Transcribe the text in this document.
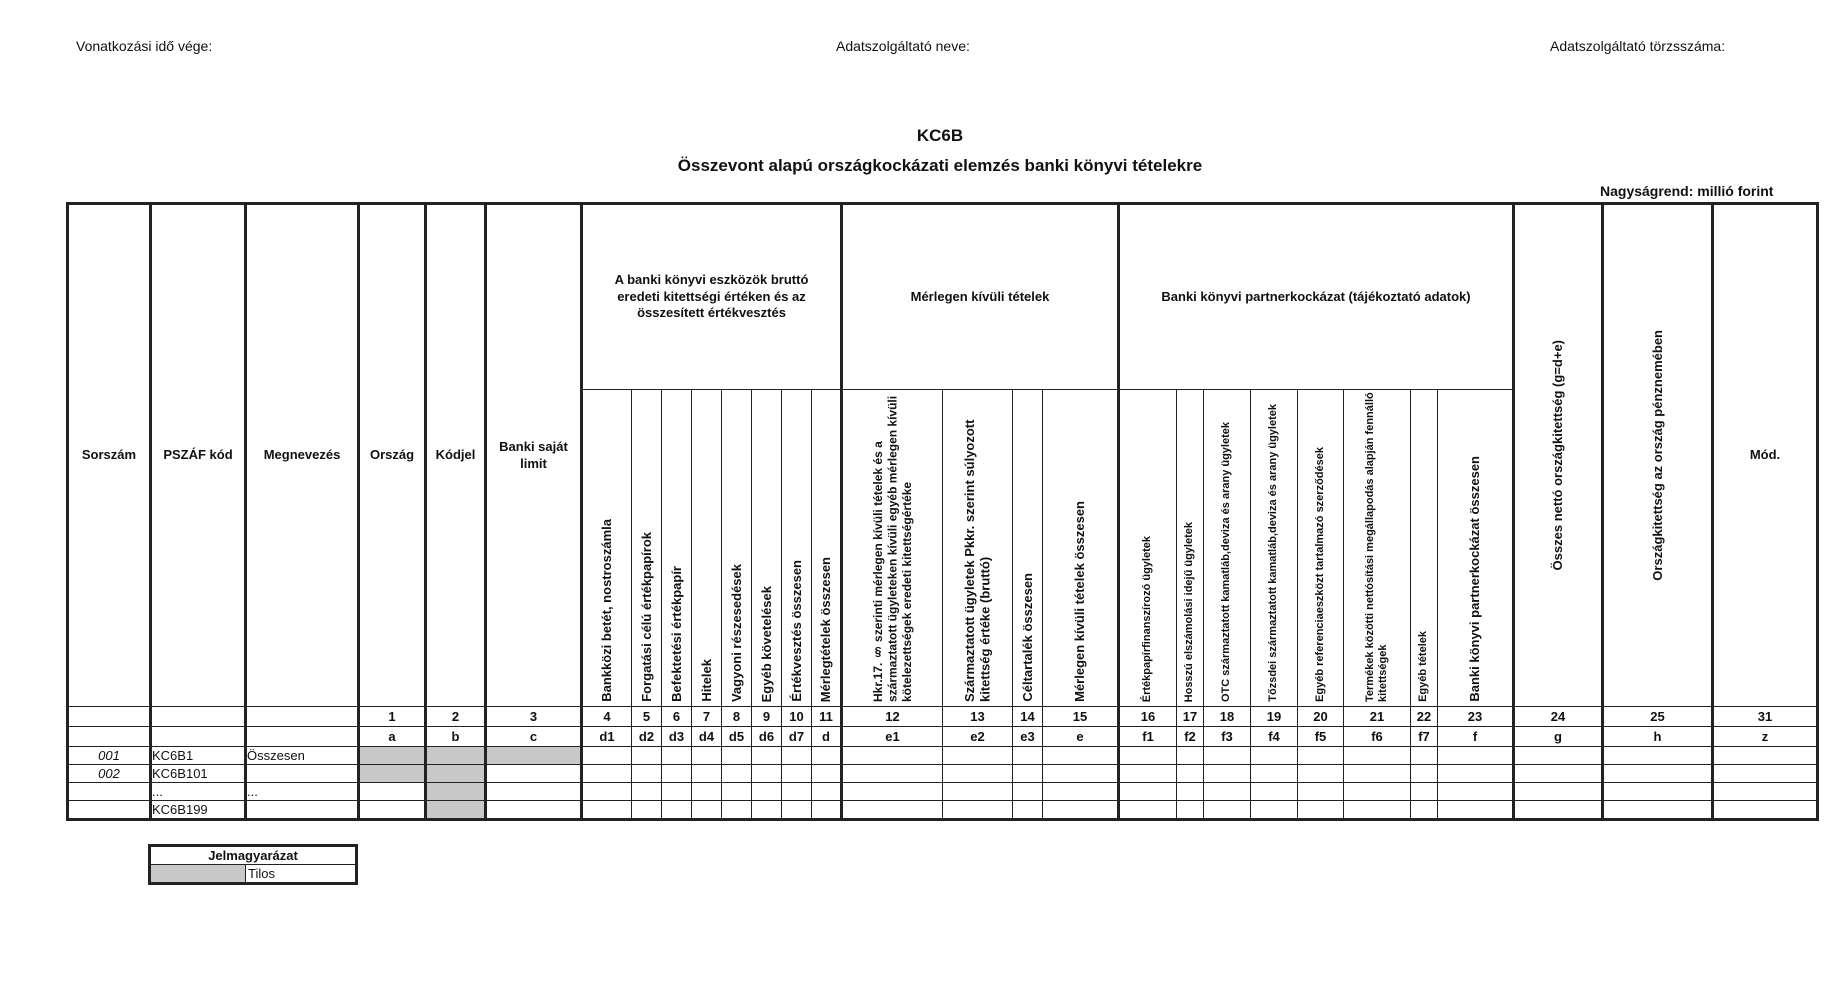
Vonatkozási idő vége:	Adatszolgáltató neve:	Adatszolgáltató törzsszáma:
KC6B
Összevont alapú országkockázati elemzés banki könyvi tételekre
Nagyságrend: millió forint
Sorszám	PSZÁF kód	Megnevezés	Ország	Kódjel	Banki saját limit	A banki könyvi eszközök bruttó eredeti kitettségi értéken és az összesített értékvesztés								Mérlegen kívüli tételek				Banki könyvi partnerkockázat (tájékoztató adatok)								Összes nettó országkitettség (g=d+e)	Országkitettség az ország pénznemében	Mód.

						Bankközi betét, nostroszámla	Forgatási célú értékpapírok	Befektetési értékpapír	Hitelek	Vagyoni részesedések	Egyéb követelések	Értékvesztés összesen	Mérlegtételek összesen	Hkr.17. § szerinti mérlegen kívüli tételek és a származtatott ügyleteken kívüli egyéb mérlegen kívüli kötelezettségek eredeti kitettségértéke	Származtatott ügyletek Pkkr. szerint súlyozott kitettség értéke (bruttó)	Céltartalék összesen	Mérlegen kívüli tételek összesen	Értékpapírfinanszírozó ügyletek	Hosszú elszámolási idejű ügyletek	OTC származtatott kamatláb,deviza és arany ügyletek	Tőzsdei származtatott kamatláb,deviza és arany ügyletek	Egyéb referenciaeszközt tartalmazó szerződések	Termékek közötti nettósítási megállapodás alapján fennálló kitettségek	Egyéb tételek	Banki könyvi partnerkockázat összesen			

			1	2	3	4	5	6	7	8	9	10	11	12	13	14	15	16	17	18	19	20	21	22	23	24	25	31
			a	b	c	d1	d2	d3	d4	d5	d6	d7	d	e1	e2	e3	e	f1	f2	f3	f4	f5	f6	f7	f	g	h	z
001	KC6B1	Összesen																										
002	KC6B101																											
	...	...																										
	KC6B199																											
Jelmagyarázat
	Tilos
